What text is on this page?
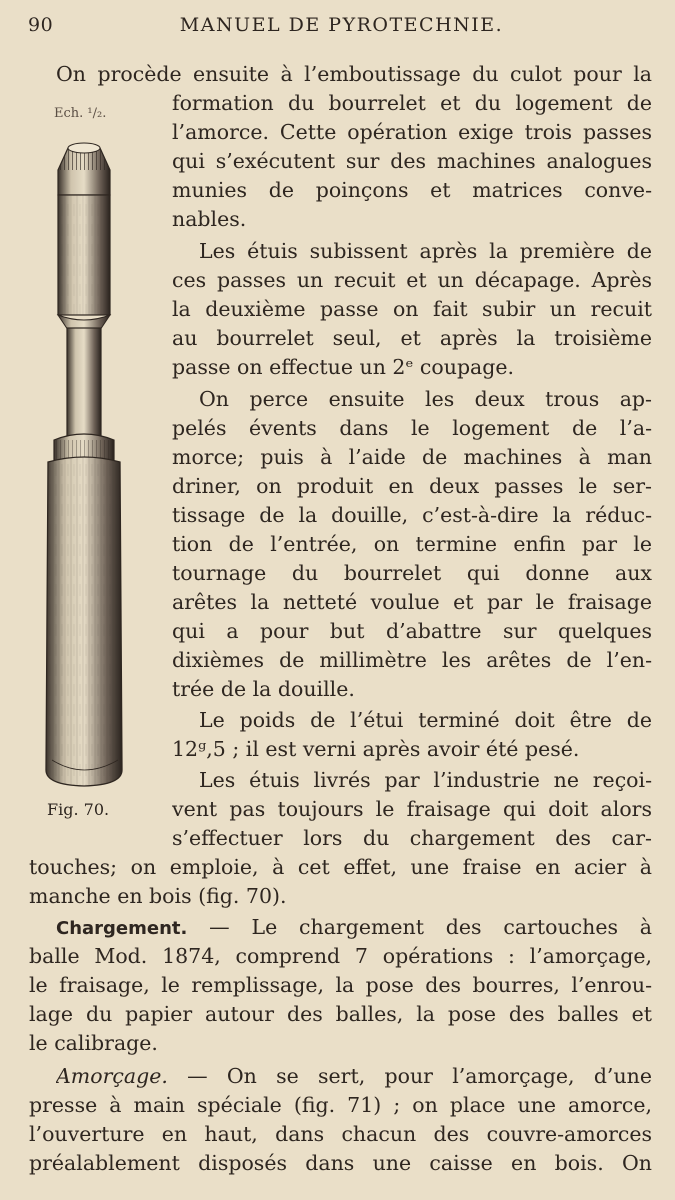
90	MANUEL DE PYROTECHNIE.
Ech. ¹/₂.
Fig. 70.
On procède ensuite à l’emboutissage du culot pour la
formation du bourrelet et du logement de
l’amorce. Cette opération exige trois passes
qui s’exécutent sur des machines analogues
munies de poinçons et matrices conve-
nables.
Les étuis subissent après la première de
ces passes un recuit et un décapage. Après
la deuxième passe on fait subir un recuit
au bourrelet seul, et après la troisième
passe on effectue un 2ᵉ coupage.
On perce ensuite les deux trous ap-
pelés évents dans le logement de l’a-
morce; puis à l’aide de machines à man
driner, on produit en deux passes le ser-
tissage de la douille, c’est-à-dire la réduc-
tion de l’entrée, on termine enfin par le
tournage du bourrelet qui donne aux
arêtes la netteté voulue et par le fraisage
qui a pour but d’abattre sur quelques
dixièmes de millimètre les arêtes de l’en-
trée de la douille.
Le poids de l’étui terminé doit être de
12ᵍ,5 ; il est verni après avoir été pesé.
Les étuis livrés par l’industrie ne reçoi-
vent pas toujours le fraisage qui doit alors
s’effectuer lors du chargement des car-
touches; on emploie, à cet effet, une fraise en acier à
manche en bois (fig. 70).
Chargement. — Le chargement des cartouches à
balle Mod. 1874, comprend 7 opérations : l’amorçage,
le fraisage, le remplissage, la pose des bourres, l’enrou-
lage du papier autour des balles, la pose des balles et
le calibrage.
Amorçage. — On se sert, pour l’amorçage, d’une
presse à main spéciale (fig. 71) ; on place une amorce,
l’ouverture en haut, dans chacun des couvre-amorces
préalablement disposés dans une caisse en bois. On
